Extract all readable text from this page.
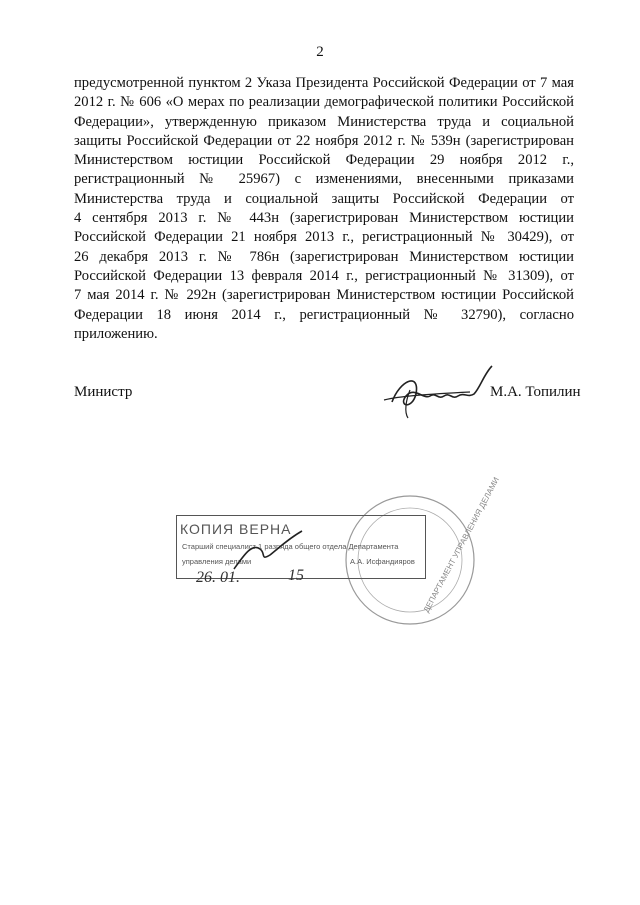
2
предусмотренной пунктом 2 Указа Президента Российской Федерации от 7 мая
2012 г. № 606 «О мерах по реализации демографической политики Российской
Федерации», утвержденную приказом Министерства труда и социальной
защиты Российской Федерации от 22 ноября 2012 г. № 539н (зарегистрирован
Министерством юстиции Российской Федерации 29 ноября 2012 г.,
регистрационный № 25967) с изменениями, внесенными приказами
Министерства труда и социальной защиты Российской Федерации от
4 сентября 2013 г. № 443н (зарегистрирован Министерством юстиции
Российской Федерации 21 ноября 2013 г., регистрационный № 30429), от
26 декабря 2013 г. № 786н (зарегистрирован Министерством юстиции
Российской Федерации 13 февраля 2014 г., регистрационный № 31309), от
7 мая 2014 г. № 292н (зарегистрирован Министерством юстиции Российской
Федерации 18 июня 2014 г., регистрационный № 32790), согласно
приложению.
Министр	М.А. Топилин
ДЕПАРТАМЕНТ УПРАВЛЕНИЯ ДЕЛАМИ
КОПИЯ ВЕРНА
Старший специалист 1 разряда общего отдела Департамента
управления делами	А.А. Исфандияров
26. 01.	15
